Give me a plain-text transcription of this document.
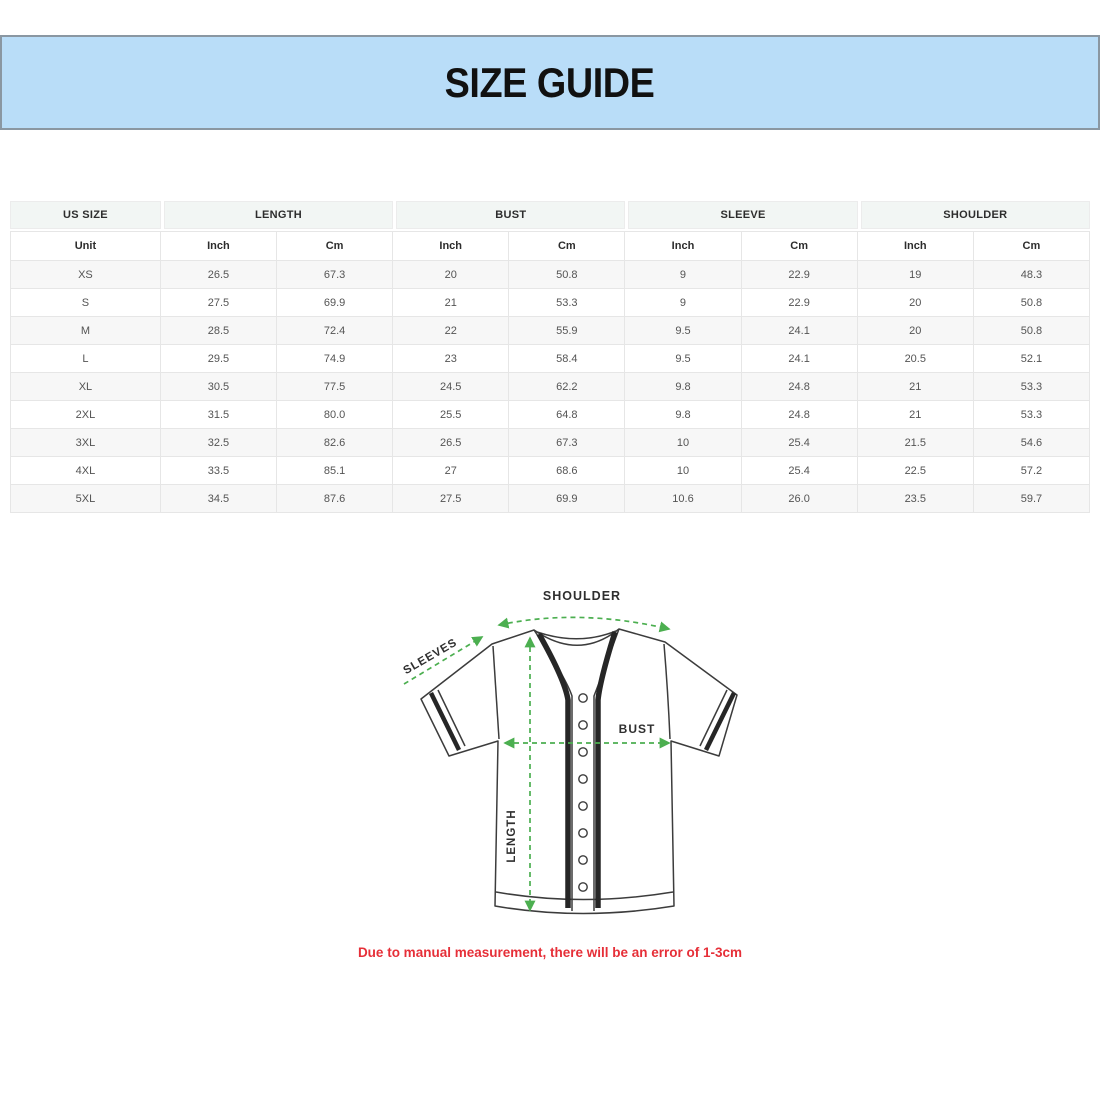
SIZE GUIDE
US SIZE	LENGTH	BUST	SLEEVE	SHOULDER
Unit	Inch	Cm	Inch	Cm	Inch	Cm	Inch	Cm
XS	26.5	67.3	20	50.8	9	22.9	19	48.3
S	27.5	69.9	21	53.3	9	22.9	20	50.8
M	28.5	72.4	22	55.9	9.5	24.1	20	50.8
L	29.5	74.9	23	58.4	9.5	24.1	20.5	52.1
XL	30.5	77.5	24.5	62.2	9.8	24.8	21	53.3
2XL	31.5	80.0	25.5	64.8	9.8	24.8	21	53.3
3XL	32.5	82.6	26.5	67.3	10	25.4	21.5	54.6
4XL	33.5	85.1	27	68.6	10	25.4	22.5	57.2
5XL	34.5	87.6	27.5	69.9	10.6	26.0	23.5	59.7
SHOULDER
SLEEVES
BUST
LENGTH
Due to manual measurement, there will be an error of 1-3cm
